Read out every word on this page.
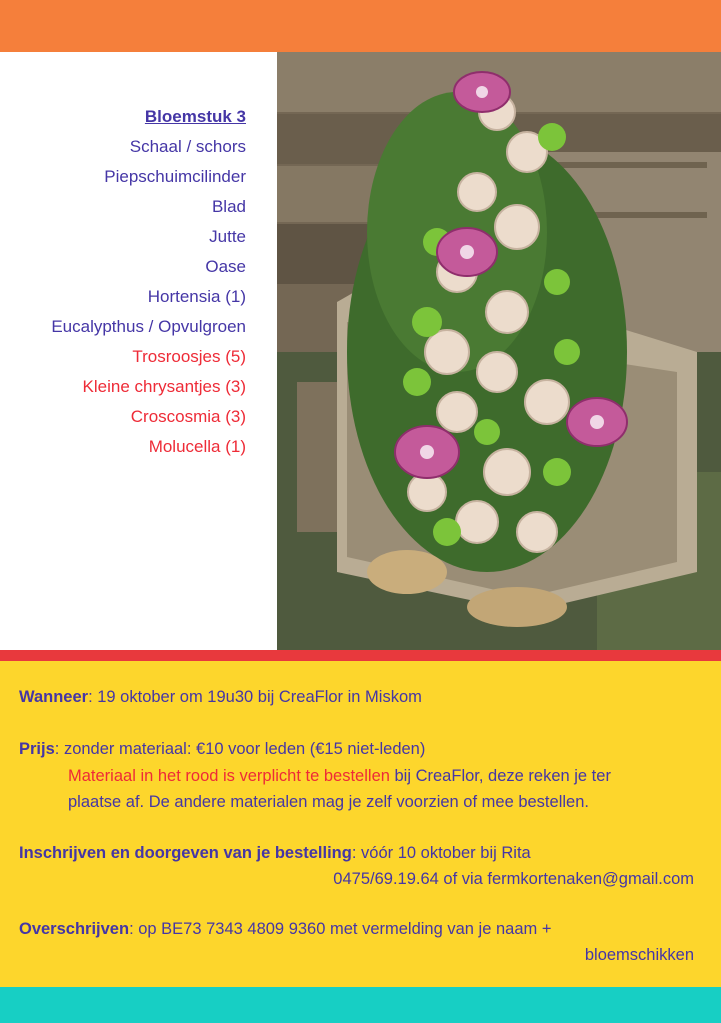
Bloemstuk 3
Schaal / schors
Piepschuimcilinder
Blad
Jutte
Oase
Hortensia (1)
Eucalypthus / Opvulgroen
Trosroosjes (5)
Kleine chrysantjes (3)
Croscosmia (3)
Molucella (1)
Wanneer: 19 oktober om 19u30 bij CreaFlor in Miskom
Prijs: zonder materiaal: €10 voor leden (€15 niet-leden)
Materiaal in het rood is verplicht te bestellen bij CreaFlor, deze reken je ter
plaatse af. De andere materialen mag je zelf voorzien of mee bestellen.
Inschrijven en doorgeven van je bestelling: vóór 10 oktober bij Rita
0475/69.19.64 of via fermkortenaken@gmail.com
Overschrijven: op BE73 7343 4809 9360 met vermelding van je naam +
bloemschikken
